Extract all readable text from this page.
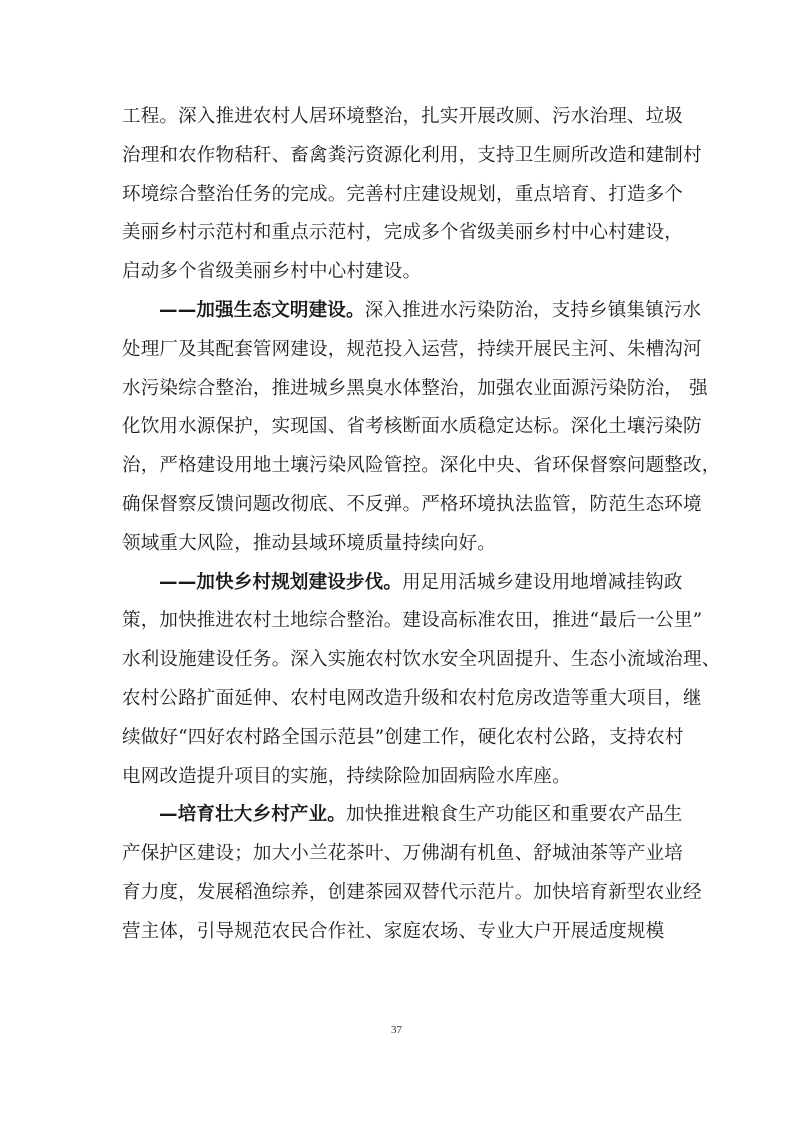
工程。深入推进农村人居环境整治，扎实开展改厕、污水治理、垃圾
治理和农作物秸秆、畜禽粪污资源化利用，支持卫生厕所改造和建制村
环境综合整治任务的完成。完善村庄建设规划，重点培育、打造多个
美丽乡村示范村和重点示范村，完成多个省级美丽乡村中心村建设，
启动多个省级美丽乡村中心村建设。
——加强生态文明建设。深入推进水污染防治，支持乡镇集镇污水
处理厂及其配套管网建设，规范投入运营，持续开展民主河、朱槽沟河
水污染综合整治，推进城乡黑臭水体整治，加强农业面源污染防治， 强
化饮用水源保护，实现国、省考核断面水质稳定达标。深化土壤污染防
治，严格建设用地土壤污染风险管控。深化中央、省环保督察问题整改，
确保督察反馈问题改彻底、不反弹。严格环境执法监管，防范生态环境
领域重大风险，推动县域环境质量持续向好。
——加快乡村规划建设步伐。用足用活城乡建设用地增减挂钩政
策，加快推进农村土地综合整治。建设高标准农田，推进“最后一公里”
水利设施建设任务。深入实施农村饮水安全巩固提升、生态小流域治理、
农村公路扩面延伸、农村电网改造升级和农村危房改造等重大项目，继
续做好“四好农村路全国示范县”创建工作，硬化农村公路，支持农村
电网改造提升项目的实施，持续除险加固病险水库座。
—培育壮大乡村产业。加快推进粮食生产功能区和重要农产品生
产保护区建设；加大小兰花茶叶、万佛湖有机鱼、舒城油茶等产业培
育力度，发展稻渔综养，创建茶园双替代示范片。加快培育新型农业经
营主体，引导规范农民合作社、家庭农场、专业大户开展适度规模
37
